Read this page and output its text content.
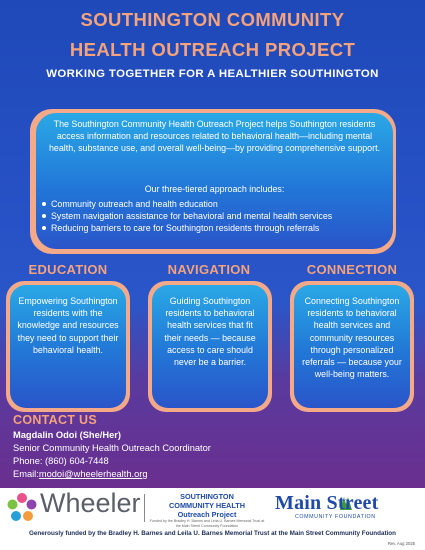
SOUTHINGTON COMMUNITY
HEALTH OUTREACH PROJECT
WORKING TOGETHER FOR A HEALTHIER SOUTHINGTON
The Southington Community Health Outreach Project helps Southington residents access information and resources related to behavioral health—including mental health, substance use, and overall well-being—by providing comprehensive support.
Our three-tiered approach includes:
Community outreach and health education
System navigation assistance for behavioral and mental health services
Reducing barriers to care for Southington residents through referrals
EDUCATION	NAVIGATION	CONNECTION
Empowering Southington residents with the knowledge and resources they need to support their behavioral health.
Guiding Southington residents to behavioral health services that fit their needs — because access to care should never be a barrier.
Connecting Southington residents to behavioral health services and community resources through personalized referrals — because your well-being matters.
CONTACT US
Magdalin Odoi (She/Her)
Senior Community Health Outreach Coordinator
Phone: (860) 604-7448
Email:modoi@wheelerhealth.org
Wheeler	SOUTHINGTON
COMMUNITY HEALTH
Outreach Project
Funded by the Bradley H. Barnes and Leila U. Barnes Memorial Trust at the Main Street Community Foundation
Main Street
COMMUNITY FOUNDATION
Generously funded by the Bradley H. Barnes and Leila U. Barnes Memorial Trust at the Main Street Community Foundation
Rev. Aug 2025
